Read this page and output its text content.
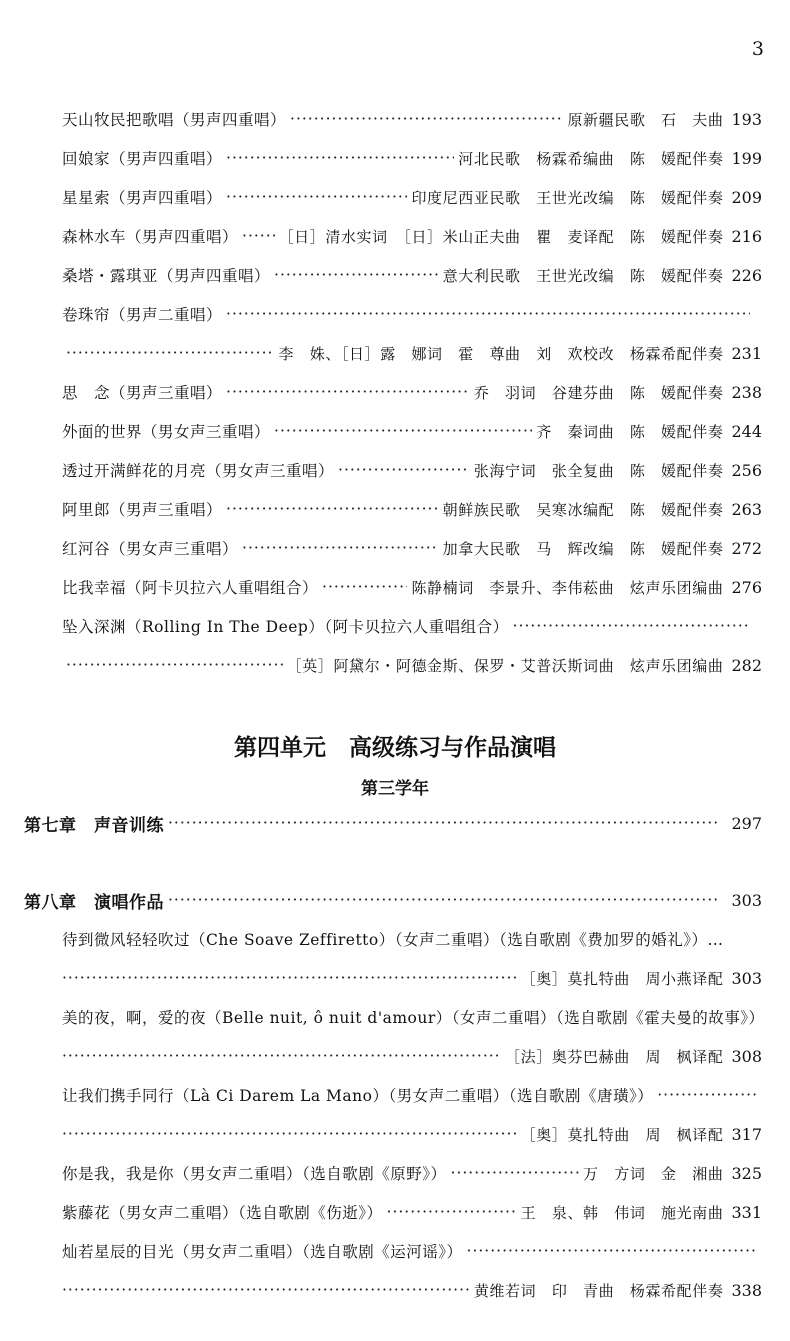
3
天山牧民把歌唱（男声四重唱） ·····	原新疆民歌　石　夫曲 193
回娘家（男声四重唱） ·····	河北民歌　杨霖希编曲　陈　媛配伴奏 199
星星索（男声四重唱） ·····	印度尼西亚民歌　王世光改编　陈　媛配伴奏 209
森林水车（男声四重唱） ·····	［日］清水实词　［日］米山正夫曲　瞿　麦译配　陈　媛配伴奏 216
桑塔・露琪亚（男声四重唱） ·····	意大利民歌　王世光改编　陈　媛配伴奏 226
卷珠帘（男声二重唱）
·····
·····
李　姝、［日］露　娜词　霍　尊曲　刘　欢校改　杨霖希配伴奏 231
思　念（男声三重唱） ·····	乔　羽词　谷建芬曲　陈　媛配伴奏 238
外面的世界（男女声三重唱） ·····	齐　秦词曲　陈　媛配伴奏 244
透过开满鲜花的月亮（男女声三重唱） ·····	张海宁词　张全复曲　陈　媛配伴奏 256
阿里郎（男声三重唱） ·····	朝鲜族民歌　吴寒冰编配　陈　媛配伴奏 263
红河谷（男女声三重唱） ·····	加拿大民歌　马　辉改编　陈　媛配伴奏 272
比我幸福（阿卡贝拉六人重唱组合） ·····	陈静楠词　李景升、李伟菘曲　炫声乐团编曲 276
坠入深渊（Rolling In The Deep）（阿卡贝拉六人重唱组合）
·····
·····
［英］阿黛尔・阿德金斯、保罗・艾普沃斯词曲　炫声乐团编曲 282
第四单元　高级练习与作品演唱
第三学年
第七章　声音训练 ·····	297
第八章　演唱作品 ·····	303
待到微风轻轻吹过（Che Soave Zeffiretto）（女声二重唱）（选自歌剧《费加罗的婚礼》）…
·····
［奥］莫扎特曲　周小燕译配 303
美的夜，啊，爱的夜（Belle nuit, ô nuit d'amour）（女声二重唱）（选自歌剧《霍夫曼的故事》）
·····
［法］奥芬巴赫曲　周　枫译配 308
让我们携手同行（Là Ci Darem La Mano）（男女声二重唱）（选自歌剧《唐璜》）
·····
·····
［奥］莫扎特曲　周　枫译配 317
你是我，我是你（男女声二重唱）（选自歌剧《原野》） ·····	万　方词　金　湘曲 325
紫藤花（男女声二重唱）（选自歌剧《伤逝》） ·····	王　泉、韩　伟词　施光南曲 331
灿若星辰的目光（男女声二重唱）（选自歌剧《运河谣》）
·····
·····
黄维若词　印　青曲　杨霖希配伴奏 338
